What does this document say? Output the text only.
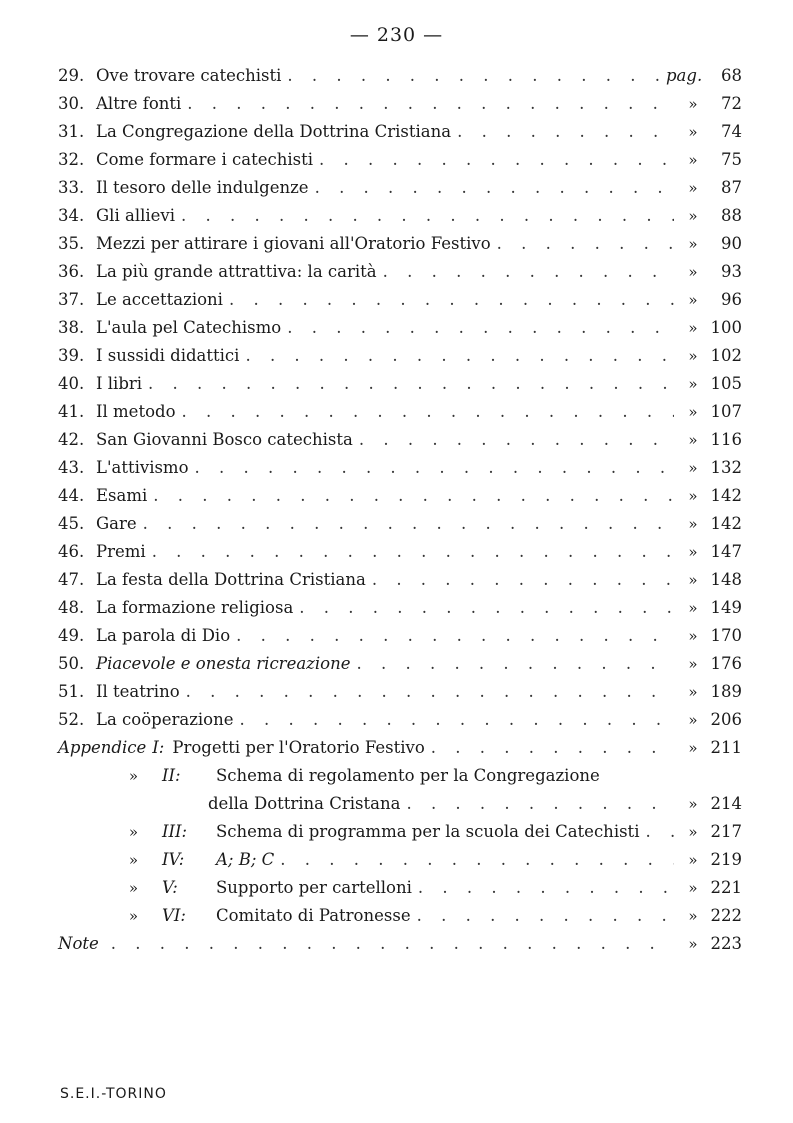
— 230 —
29. Ove trovare catechisti . . .	pag.	68
30. Altre fonti . . .	»	72
31. La Congregazione della Dottrina Cristiana . . .	»	74
32. Come formare i catechisti . . .	»	75
33. Il tesoro delle indulgenze . . .	»	87
34. Gli allievi . . .	»	88
35. Mezzi per attirare i giovani all'Oratorio Festivo . . .	»	90
36. La più grande attrattiva: la carità . . .	»	93
37. Le accettazioni . . .	»	96
38. L'aula pel Catechismo . . .	» 100
39. I sussidi didattici . . .	» 102
40. I libri . . .	» 105
41. Il metodo . . .	» 107
42. San Giovanni Bosco catechista . . .	» 116
43. L'attivismo . . .	» 132
44. Esami . . .	» 142
45. Gare . . .	» 142
46. Premi . . .	» 147
47. La festa della Dottrina Cristiana . . .	» 148
48. La formazione religiosa . . .	» 149
49. La parola di Dio . . .	» 170
50. Piacevole e onesta ricreazione . . .	» 176
51. Il teatrino . . .	» 189
52. La coöperazione . . .	» 206
Appendice I: Progetti per l'Oratorio Festivo . . .	» 211
»	II:	Schema di regolamento per la Congregazione
della Dottrina Cristana . . .	» 214
»	III:	Schema di programma per la scuola dei Catechisti . . .	» 217
»	IV:	A; B; C . . .	» 219
»	V:	Supporto per cartelloni . . .	» 221
»	VI:	Comitato di Patronesse . . .	» 222
Note . . .	» 223
S.E.I.-TORINO
